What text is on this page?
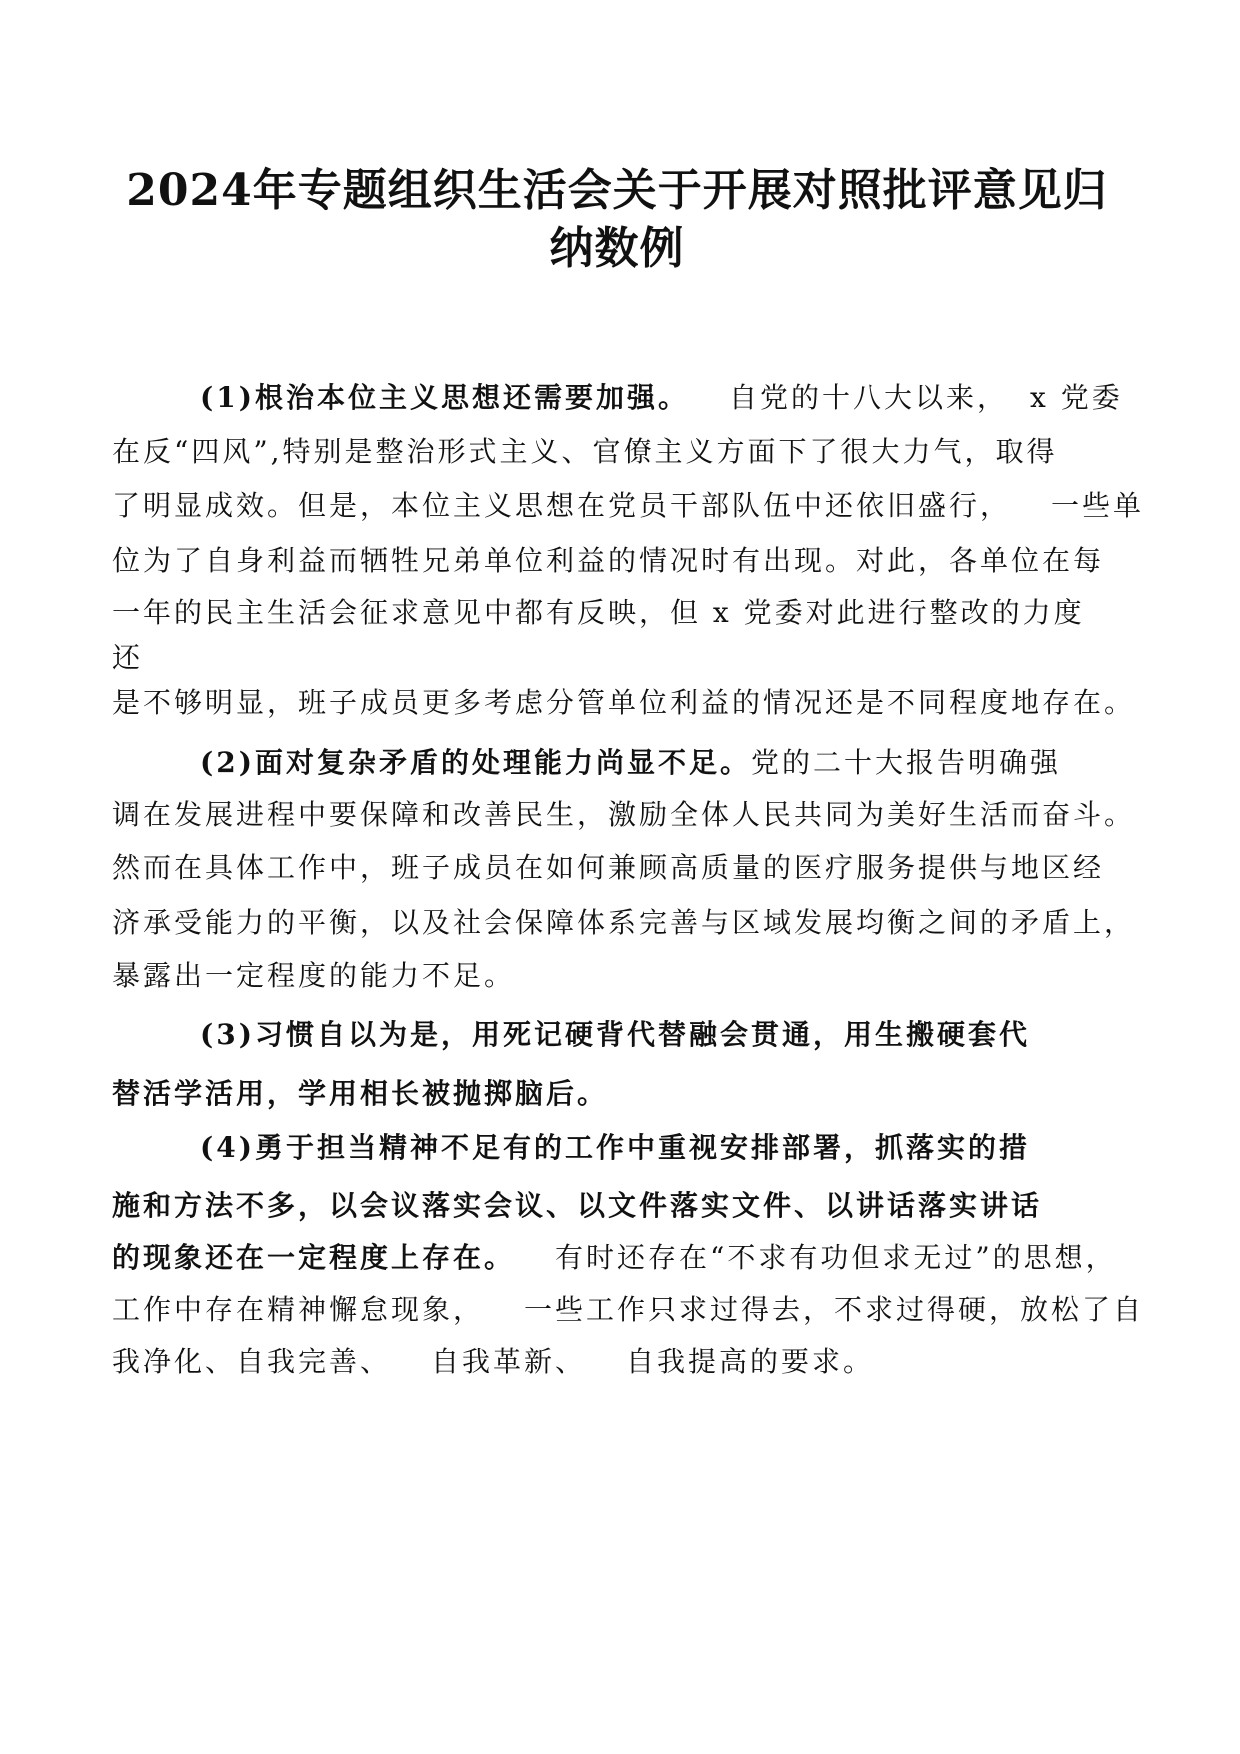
2024年专题组织生活会关于开展对照批评意见归
纳数例
(1)根治本位主义思想还需要加强。 自党的十八大以来， x 党委
在反“四风”,特别是整治形式主义、官僚主义方面下了很大力气，取得
了明显成效。但是，本位主义思想在党员干部队伍中还依旧盛行， 一些单
位为了自身利益而牺牲兄弟单位利益的情况时有出现。对此，各单位在每
一年的民主生活会征求意见中都有反映，但 x 党委对此进行整改的力度
还
是不够明显，班子成员更多考虑分管单位利益的情况还是不同程度地存在。
(2)面对复杂矛盾的处理能力尚显不足。党的二十大报告明确强
调在发展进程中要保障和改善民生，激励全体人民共同为美好生活而奋斗。
然而在具体工作中，班子成员在如何兼顾高质量的医疗服务提供与地区经
济承受能力的平衡，以及社会保障体系完善与区域发展均衡之间的矛盾上，
暴露出一定程度的能力不足。
(3)习惯自以为是，用死记硬背代替融会贯通，用生搬硬套代
替活学活用，学用相长被抛掷脑后。
(4)勇于担当精神不足有的工作中重视安排部署，抓落实的措
施和方法不多，以会议落实会议、以文件落实文件、以讲话落实讲话
的现象还在一定程度上存在。 有时还存在“不求有功但求无过”的思想，
工作中存在精神懈怠现象， 一些工作只求过得去，不求过得硬，放松了自
我净化、自我完善、 自我革新、 自我提高的要求。
